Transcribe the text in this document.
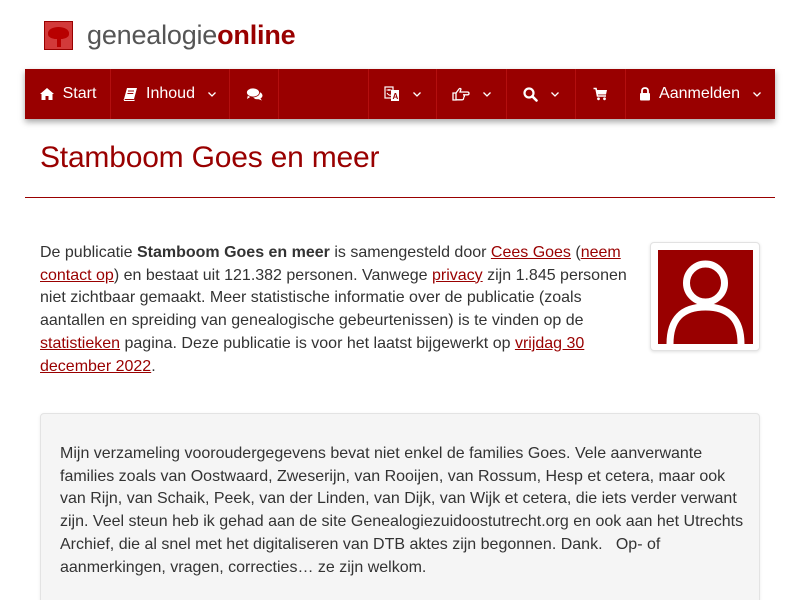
genealogieonline
Start	Inhoud	A	Aanmelden
Stamboom Goes en meer

De publicatie Stamboom Goes en meer is samengesteld door Cees Goes (neem contact op) en bestaat uit 121.382 personen. Vanwege privacy zijn 1.845 personen niet zichtbaar gemaakt. Meer statistische informatie over de publicatie (zoals aantallen en spreiding van genealogische gebeurtenissen) is te vinden op de statistieken pagina. Deze publicatie is voor het laatst bijgewerkt op vrijdag 30 december 2022.

Mijn verzameling vooroudergegevens bevat niet enkel de families Goes. Vele aanverwante families zoals van Oostwaard, Zweserijn, van Rooijen, van Rossum, Hesp et cetera, maar ook van Rijn, van Schaik, Peek, van der Linden, van Dijk, van Wijk et cetera, die iets verder verwant zijn. Veel steun heb ik gehad aan de site Genealogiezuidoostutrecht.org en ook aan het Utrechts Archief, die al snel met het digitaliseren van DTB aktes zijn begonnen. Dank.   Op- of aanmerkingen, vragen, correcties… ze zijn welkom.
